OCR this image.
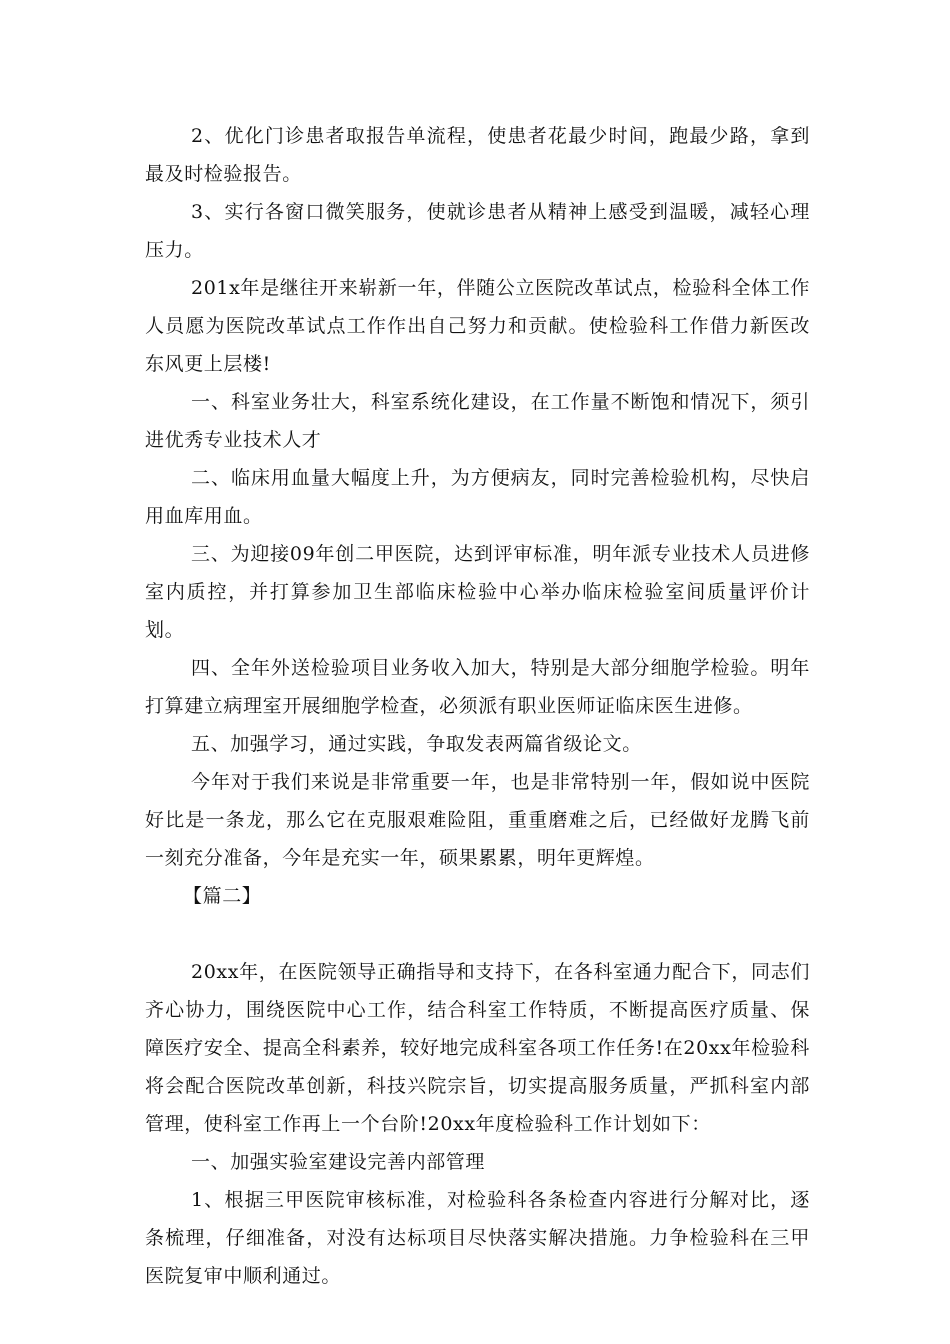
2、优化门诊患者取报告单流程，使患者花最少时间，跑最少路，拿到最及时检验报告。

3、实行各窗口微笑服务，使就诊患者从精神上感受到温暖，减轻心理压力。

201x年是继往开来崭新一年，伴随公立医院改革试点，检验科全体工作人员愿为医院改革试点工作作出自己努力和贡献。使检验科工作借力新医改东风更上层楼!

一、科室业务壮大，科室系统化建设，在工作量不断饱和情况下，须引进优秀专业技术人才

二、临床用血量大幅度上升，为方便病友，同时完善检验机构，尽快启用血库用血。

三、为迎接09年创二甲医院，达到评审标准，明年派专业技术人员进修室内质控，并打算参加卫生部临床检验中心举办临床检验室间质量评价计划。

四、全年外送检验项目业务收入加大，特别是大部分细胞学检验。明年打算建立病理室开展细胞学检查，必须派有职业医师证临床医生进修。

五、加强学习，通过实践，争取发表两篇省级论文。

今年对于我们来说是非常重要一年，也是非常特别一年，假如说中医院好比是一条龙，那么它在克服艰难险阻，重重磨难之后，已经做好龙腾飞前一刻充分准备，今年是充实一年，硕果累累，明年更辉煌。

【篇二】

20xx年，在医院领导正确指导和支持下，在各科室通力配合下，同志们齐心协力，围绕医院中心工作，结合科室工作特质，不断提高医疗质量、保障医疗安全、提高全科素养，较好地完成科室各项工作任务!在20xx年检验科将会配合医院改革创新，科技兴院宗旨，切实提高服务质量，严抓科室内部管理，使科室工作再上一个台阶!20xx年度检验科工作计划如下：

一、加强实验室建设完善内部管理

1、根据三甲医院审核标准，对检验科各条检查内容进行分解对比，逐条梳理，仔细准备，对没有达标项目尽快落实解决措施。力争检验科在三甲医院复审中顺利通过。
